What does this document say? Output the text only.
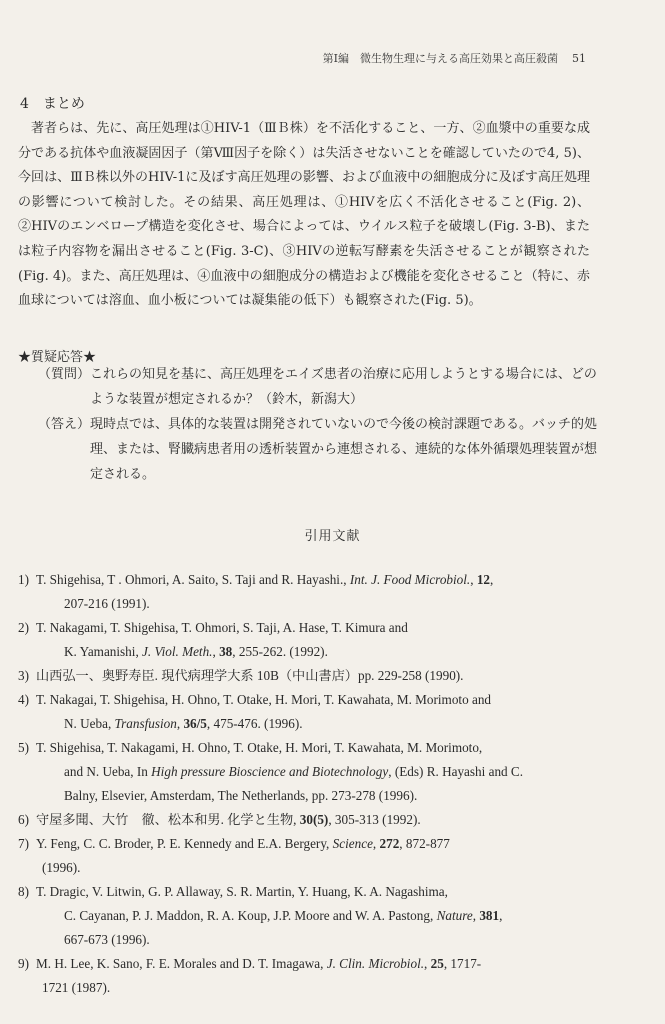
第Ⅰ編　微生物生理に与える高圧効果と高圧殺菌 51
4　まとめ

著者らは、先に、高圧処理は①HIV-1（ⅢＢ株）を不活化すること、一方、②血漿中の重要な成分である抗体や血液凝固因子（第Ⅷ因子を除く）は失活させないことを確認していたので4, 5)、今回は、ⅢＢ株以外のHIV-1に及ぼす高圧処理の影響、および血液中の細胞成分に及ぼす高圧処理の影響について検討した。その結果、高圧処理は、①HIVを広く不活化させること(Fig. 2)、②HIVのエンベロープ構造を変化させ、場合によっては、ウイルス粒子を破壊し(Fig. 3-B)、または粒子内容物を漏出させること(Fig. 3-C)、③HIVの逆転写酵素を失活させることが観察された(Fig. 4)。また、高圧処理は、④血液中の細胞成分の構造および機能を変化させること（特に、赤血球については溶血、血小板については凝集能の低下）も観察された(Fig. 5)。

★質疑応答★
（質問） これらの知見を基に、高圧処理をエイズ患者の治療に応用しようとする場合には、どのような装置が想定されるか？（鈴木，新潟大）
（答え） 現時点では、具体的な装置は開発されていないので今後の検討課題である。バッチ的処理、または、腎臓病患者用の透析装置から連想される、連続的な体外循環処理装置が想定される。
引用文献
1) T. Shigehisa, T . Ohmori, A. Saito, S. Taji and R. Hayashi., Int. J. Food Microbiol., 12,
207-216 (1991).
2) T. Nakagami, T. Shigehisa, T. Ohmori, S. Taji, A. Hase, T. Kimura and
K. Yamanishi, J. Viol. Meth., 38, 255-262. (1992).
3) 山西弘一、奥野寿臣. 現代病理学大系 10B（中山書店）pp. 229-258 (1990).
4) T. Nakagai, T. Shigehisa, H. Ohno, T. Otake, H. Mori, T. Kawahata, M. Morimoto and
N. Ueba, Transfusion, 36/5, 475-476. (1996).
5) T. Shigehisa, T. Nakagami, H. Ohno, T. Otake, H. Mori, T. Kawahata, M. Morimoto,
and N. Ueba, In High pressure Bioscience and Biotechnology, (Eds) R. Hayashi and C.
Balny, Elsevier, Amsterdam, The Netherlands, pp. 273-278 (1996).
6) 守屋多聞、大竹　徹、松本和男. 化学と生物, 30(5), 305-313 (1992).
7) Y. Feng, C. C. Broder, P. E. Kennedy and E.A. Bergery, Science, 272, 872-877
(1996).
8) T. Dragic, V. Litwin, G. P. Allaway, S. R. Martin, Y. Huang, K. A. Nagashima,
C. Cayanan, P. J. Maddon, R. A. Koup, J.P. Moore and W. A. Pastong, Nature, 381,
667-673 (1996).
9) M. H. Lee, K. Sano, F. E. Morales and D. T. Imagawa, J. Clin. Microbiol., 25, 1717-
1721 (1987).
